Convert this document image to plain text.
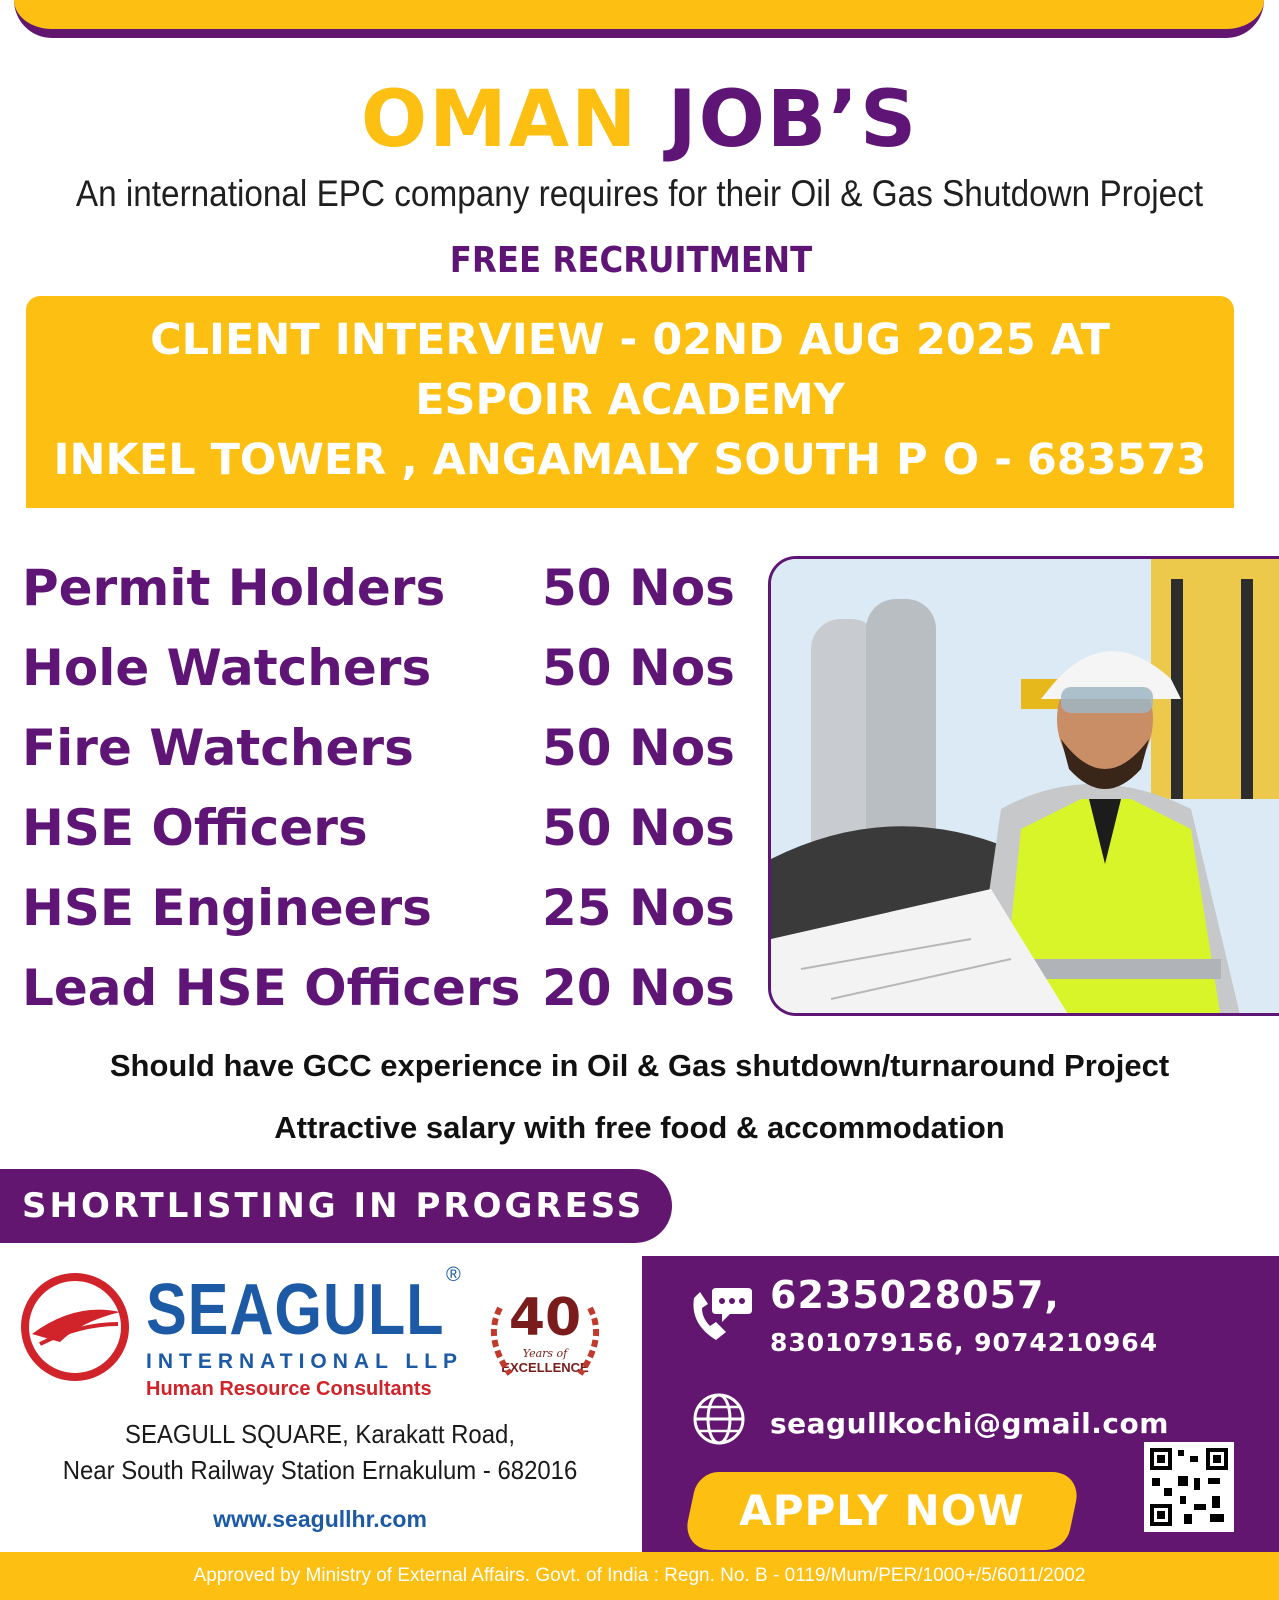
OMAN JOB’S
An international EPC company requires for their Oil & Gas Shutdown Project
FREE RECRUITMENT
CLIENT INTERVIEW - 02ND AUG 2025 AT
ESPOIR ACADEMY
INKEL TOWER , ANGAMALY SOUTH P O - 683573
Permit Holders 50 Nos
Hole Watchers 50 Nos
Fire Watchers	50 Nos
HSE Officers	50 Nos
HSE Engineers 25 Nos
Lead HSE Officers 20 Nos
Should have GCC experience in Oil & Gas shutdown/turnaround Project
Attractive salary with free food & accommodation
SHORTLISTING IN PROGRESS
SEAGULL ®
INTERNATIONAL LLP
Human Resource Consultants
40
Years of
EXCELLENCE
SEAGULL SQUARE, Karakatt Road,
Near South Railway Station Ernakulum - 682016
www.seagullhr.com
6235028057,
8301079156, 9074210964
seagullkochi@gmail.com
APPLY NOW
Approved by Ministry of External Affairs. Govt. of India : Regn. No. B - 0119/Mum/PER/1000+/5/6011/2002
